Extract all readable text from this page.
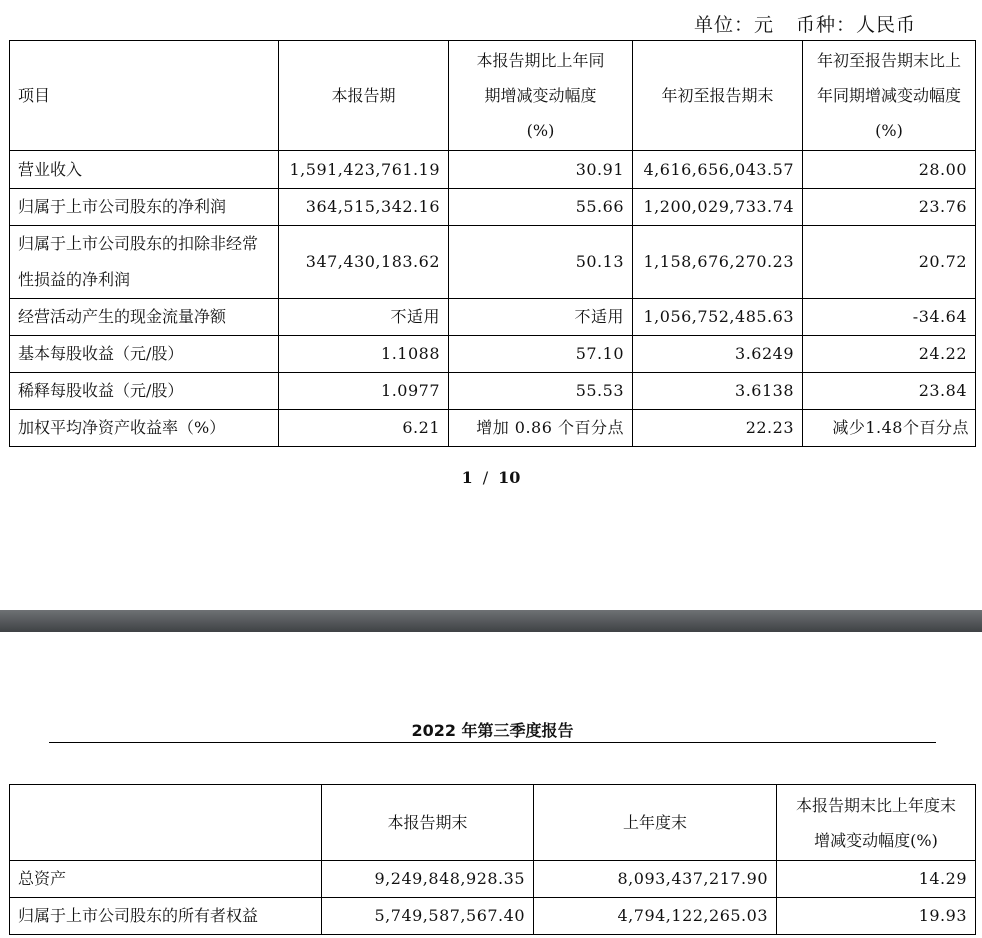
单位：元 币种：人民币
项目	本报告期	本报告期比上年同期增减变动幅度(%)	年初至报告期末	年初至报告期末比上年同期增减变动幅度(%)
营业收入	1,591,423,761.19	30.91	4,616,656,043.57	28.00
归属于上市公司股东的净利润	364,515,342.16	55.66	1,200,029,733.74	23.76
归属于上市公司股东的扣除非经常性损益的净利润	347,430,183.62	50.13	1,158,676,270.23	20.72
经营活动产生的现金流量净额	不适用	不适用	1,056,752,485.63	-34.64
基本每股收益（元/股）	1.1088	57.10	3.6249	24.22
稀释每股收益（元/股）	1.0977	55.53	3.6138	23.84
加权平均净资产收益率（%）	6.21	增加 0.86 个百分点	22.23	减少1.48个百分点
1 / 10
2022 年第三季度报告
	本报告期末	上年度末	本报告期末比上年度末增减变动幅度(%)
总资产	9,249,848,928.35	8,093,437,217.90	14.29
归属于上市公司股东的所有者权益	5,749,587,567.40	4,794,122,265.03	19.93
